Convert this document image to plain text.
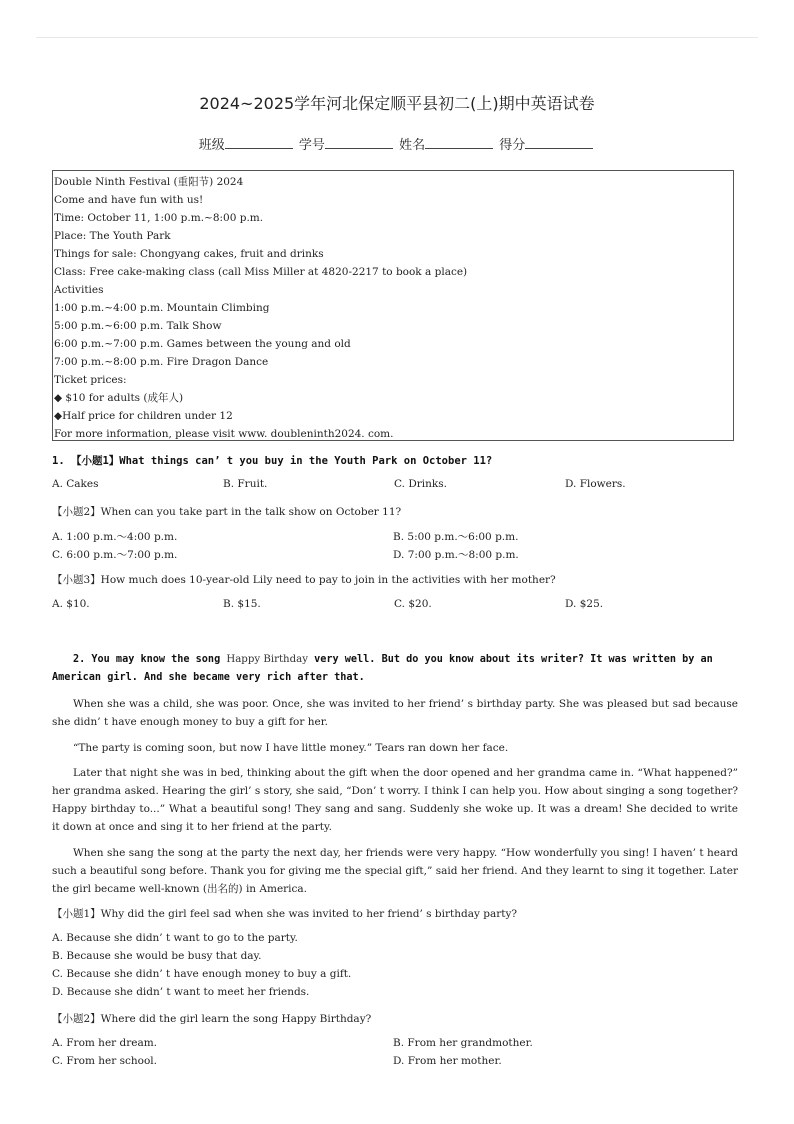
2024~2025学年河北保定顺平县初二(上)期中英语试卷
班级	学号	姓名	得分
Double Ninth Festival (重阳节) 2024
Come and have fun with us!
Time: October 11, 1:00 p.m.~8:00 p.m.
Place: The Youth Park
Things for sale: Chongyang cakes, fruit and drinks
Class: Free cake-making class (call Miss Miller at 4820-2217 to book a place)
Activities
1:00 p.m.~4:00 p.m. Mountain Climbing
5:00 p.m.~6:00 p.m. Talk Show
6:00 p.m.~7:00 p.m. Games between the young and old
7:00 p.m.~8:00 p.m. Fire Dragon Dance
Ticket prices:
◆ $10 for adults (成年人)
◆Half price for children under 12
For more information, please visit www. doubleninth2024. com.
1. 【小题1】What things can’ t you buy in the Youth Park on October 11?
A. Cakes	B. Fruit.	C. Drinks.	D. Flowers.
【小题2】When can you take part in the talk show on October 11?
A. 1:00 p.m.～4:00 p.m.	B. 5:00 p.m.～6:00 p.m.
C. 6:00 p.m.～7:00 p.m.	D. 7:00 p.m.～8:00 p.m.
【小题3】How much does 10-year-old Lily need to pay to join in the activities with her mother?
A. $10.	B. $15.	C. $20.	D. $25.
2. You may know the song Happy Birthday very well. But do you know about its writer? It was written by an American girl. And she became very rich after that.
When she was a child, she was poor. Once, she was invited to her friend’ s birthday party. She was pleased but sad because she didn’ t have enough money to buy a gift for her.
“The party is coming soon, but now I have little money.” Tears ran down her face.
Later that night she was in bed, thinking about the gift when the door opened and her grandma came in. “What happened?” her grandma asked. Hearing the girl’ s story, she said, “Don’ t worry. I think I can help you. How about singing a song together? Happy birthday to...” What a beautiful song! They sang and sang. Suddenly she woke up. It was a dream! She decided to write it down at once and sing it to her friend at the party.
When she sang the song at the party the next day, her friends were very happy. “How wonderfully you sing! I haven’ t heard such a beautiful song before. Thank you for giving me the special gift,” said her friend. And they learnt to sing it together. Later the girl became well-known (出名的) in America.
【小题1】Why did the girl feel sad when she was invited to her friend’ s birthday party?
A. Because she didn’ t want to go to the party.
B. Because she would be busy that day.
C. Because she didn’ t have enough money to buy a gift.
D. Because she didn’ t want to meet her friends.
【小题2】Where did the girl learn the song Happy Birthday?
A. From her dream.	B. From her grandmother.
C. From her school.	D. From her mother.
